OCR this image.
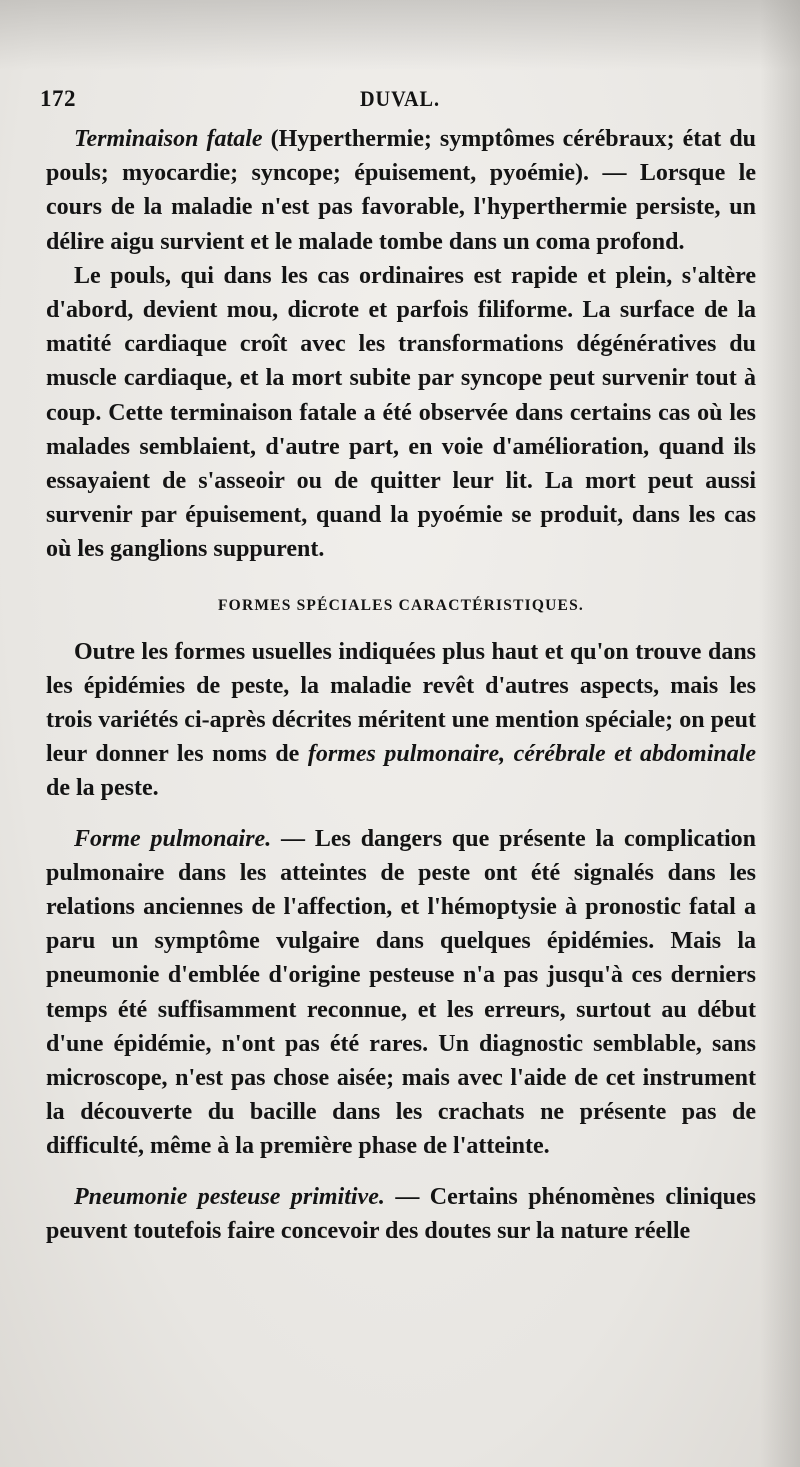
172	DUVAL.

Terminaison fatale (Hyperthermie; symptômes cérébraux; état du pouls; myocardie; syncope; épuisement, pyoémie). — Lorsque le cours de la maladie n'est pas favorable, l'hyperthermie persiste, un délire aigu survient et le malade tombe dans un coma profond.

Le pouls, qui dans les cas ordinaires est rapide et plein, s'altère d'abord, devient mou, dicrote et parfois filiforme. La surface de la matité cardiaque croît avec les transformations dégénératives du muscle cardiaque, et la mort subite par syncope peut survenir tout à coup. Cette terminaison fatale a été observée dans certains cas où les malades semblaient, d'autre part, en voie d'amélioration, quand ils essayaient de s'asseoir ou de quitter leur lit. La mort peut aussi survenir par épuisement, quand la pyoémie se produit, dans les cas où les ganglions suppurent.

FORMES SPÉCIALES CARACTÉRISTIQUES.

Outre les formes usuelles indiquées plus haut et qu'on trouve dans les épidémies de peste, la maladie revêt d'autres aspects, mais les trois variétés ci-après décrites méritent une mention spéciale; on peut leur donner les noms de formes pulmonaire, cérébrale et abdominale de la peste.

Forme pulmonaire. — Les dangers que présente la complication pulmonaire dans les atteintes de peste ont été signalés dans les relations anciennes de l'affection, et l'hémoptysie à pronostic fatal a paru un symptôme vulgaire dans quelques épidémies. Mais la pneumonie d'emblée d'origine pesteuse n'a pas jusqu'à ces derniers temps été suffisamment reconnue, et les erreurs, surtout au début d'une épidémie, n'ont pas été rares. Un diagnostic semblable, sans microscope, n'est pas chose aisée; mais avec l'aide de cet instrument la découverte du bacille dans les crachats ne présente pas de difficulté, même à la première phase de l'atteinte.

Pneumonie pesteuse primitive. — Certains phénomènes cliniques peuvent toutefois faire concevoir des doutes sur la nature réelle
